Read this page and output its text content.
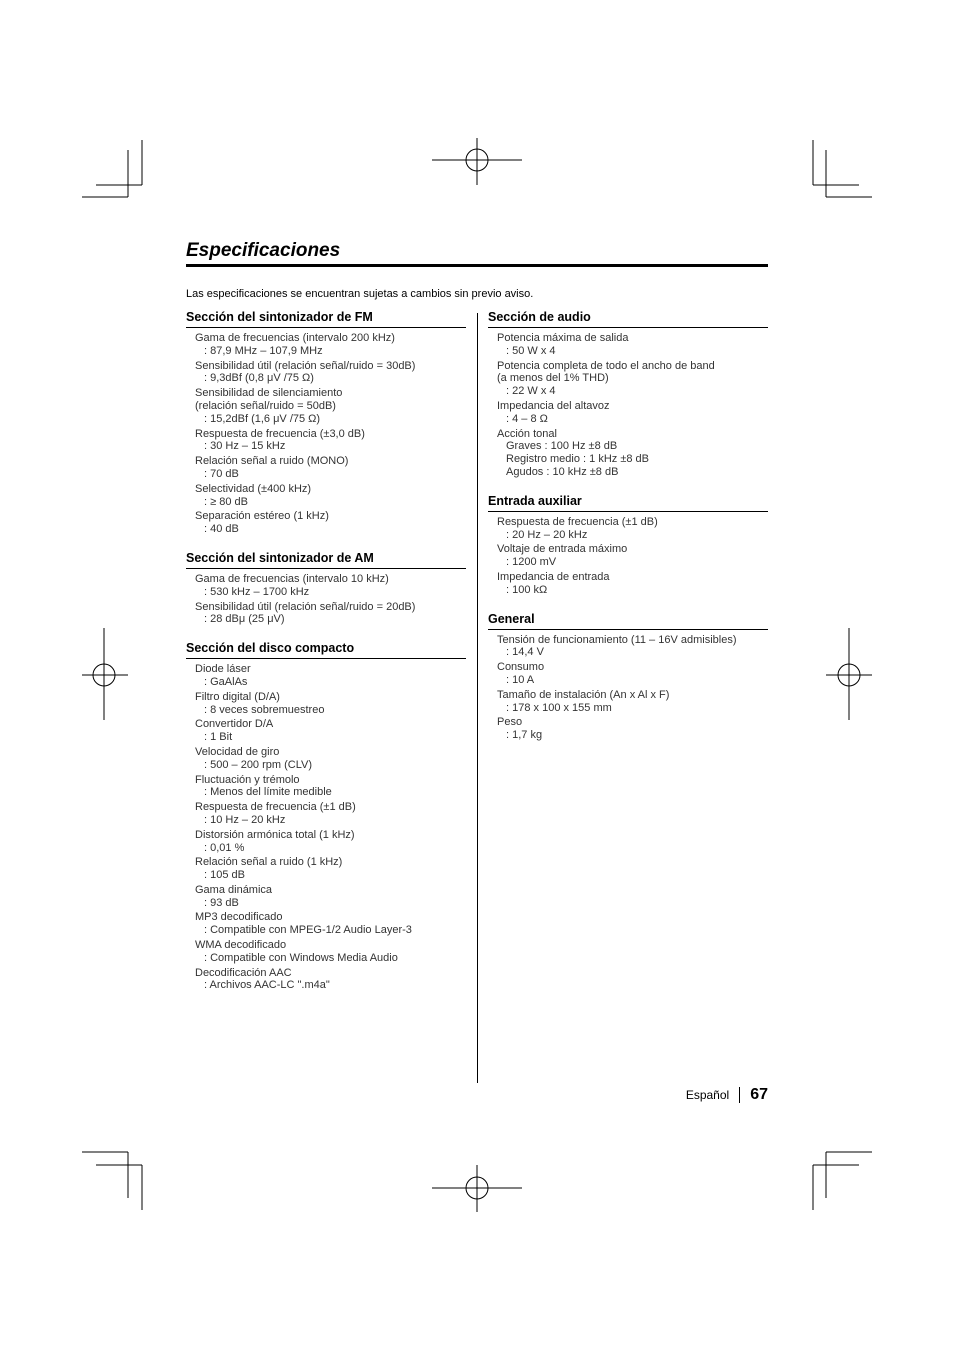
Especificaciones
Las especificaciones se encuentran sujetas a cambios sin previo aviso.
Sección del sintonizador de FM
Gama de frecuencias (intervalo 200 kHz)
: 87,9 MHz – 107,9 MHz
Sensibilidad útil (relación señal/ruido = 30dB)
: 9,3dBf (0,8 μV /75 Ω)
Sensibilidad de silenciamiento
(relación señal/ruido = 50dB)
: 15,2dBf (1,6 μV /75 Ω)
Respuesta de frecuencia (±3,0 dB)
: 30 Hz – 15 kHz
Relación señal a ruido (MONO)
: 70 dB
Selectividad (±400 kHz)
: ≥ 80 dB
Separación estéreo (1 kHz)
: 40 dB
Sección del sintonizador de AM
Gama de frecuencias (intervalo 10 kHz)
: 530 kHz – 1700 kHz
Sensibilidad útil (relación señal/ruido = 20dB)
: 28 dBμ (25 μV)
Sección del disco compacto
Diode láser
: GaAlAs
Filtro digital (D/A)
: 8 veces sobremuestreo
Convertidor D/A
: 1 Bit
Velocidad de giro
: 500 – 200 rpm (CLV)
Fluctuación y trémolo
: Menos del límite medible
Respuesta de frecuencia (±1 dB)
: 10 Hz – 20 kHz
Distorsión armónica total (1 kHz)
: 0,01 %
Relación señal a ruido (1 kHz)
: 105 dB
Gama dinámica
: 93 dB
MP3 decodificado
: Compatible con MPEG-1/2 Audio Layer-3
WMA decodificado
: Compatible con Windows Media Audio
Decodificación AAC
: Archivos AAC-LC ".m4a"
Sección de audio
Potencia máxima de salida
: 50 W x 4
Potencia completa de todo el ancho de band
(a menos del 1% THD)
: 22 W x 4
Impedancia del altavoz
: 4 – 8 Ω
Acción tonal
Graves : 100 Hz ±8 dB
Registro medio : 1 kHz ±8 dB
Agudos : 10 kHz ±8 dB
Entrada auxiliar
Respuesta de frecuencia (±1 dB)
: 20 Hz – 20 kHz
Voltaje de entrada máximo
: 1200 mV
Impedancia de entrada
: 100 kΩ
General
Tensión de funcionamiento (11 – 16V admisibles)
: 14,4 V
Consumo
: 10 A
Tamaño de instalación (An x Al x F)
: 178 x 100 x 155 mm
Peso
: 1,7 kg
Español 67
